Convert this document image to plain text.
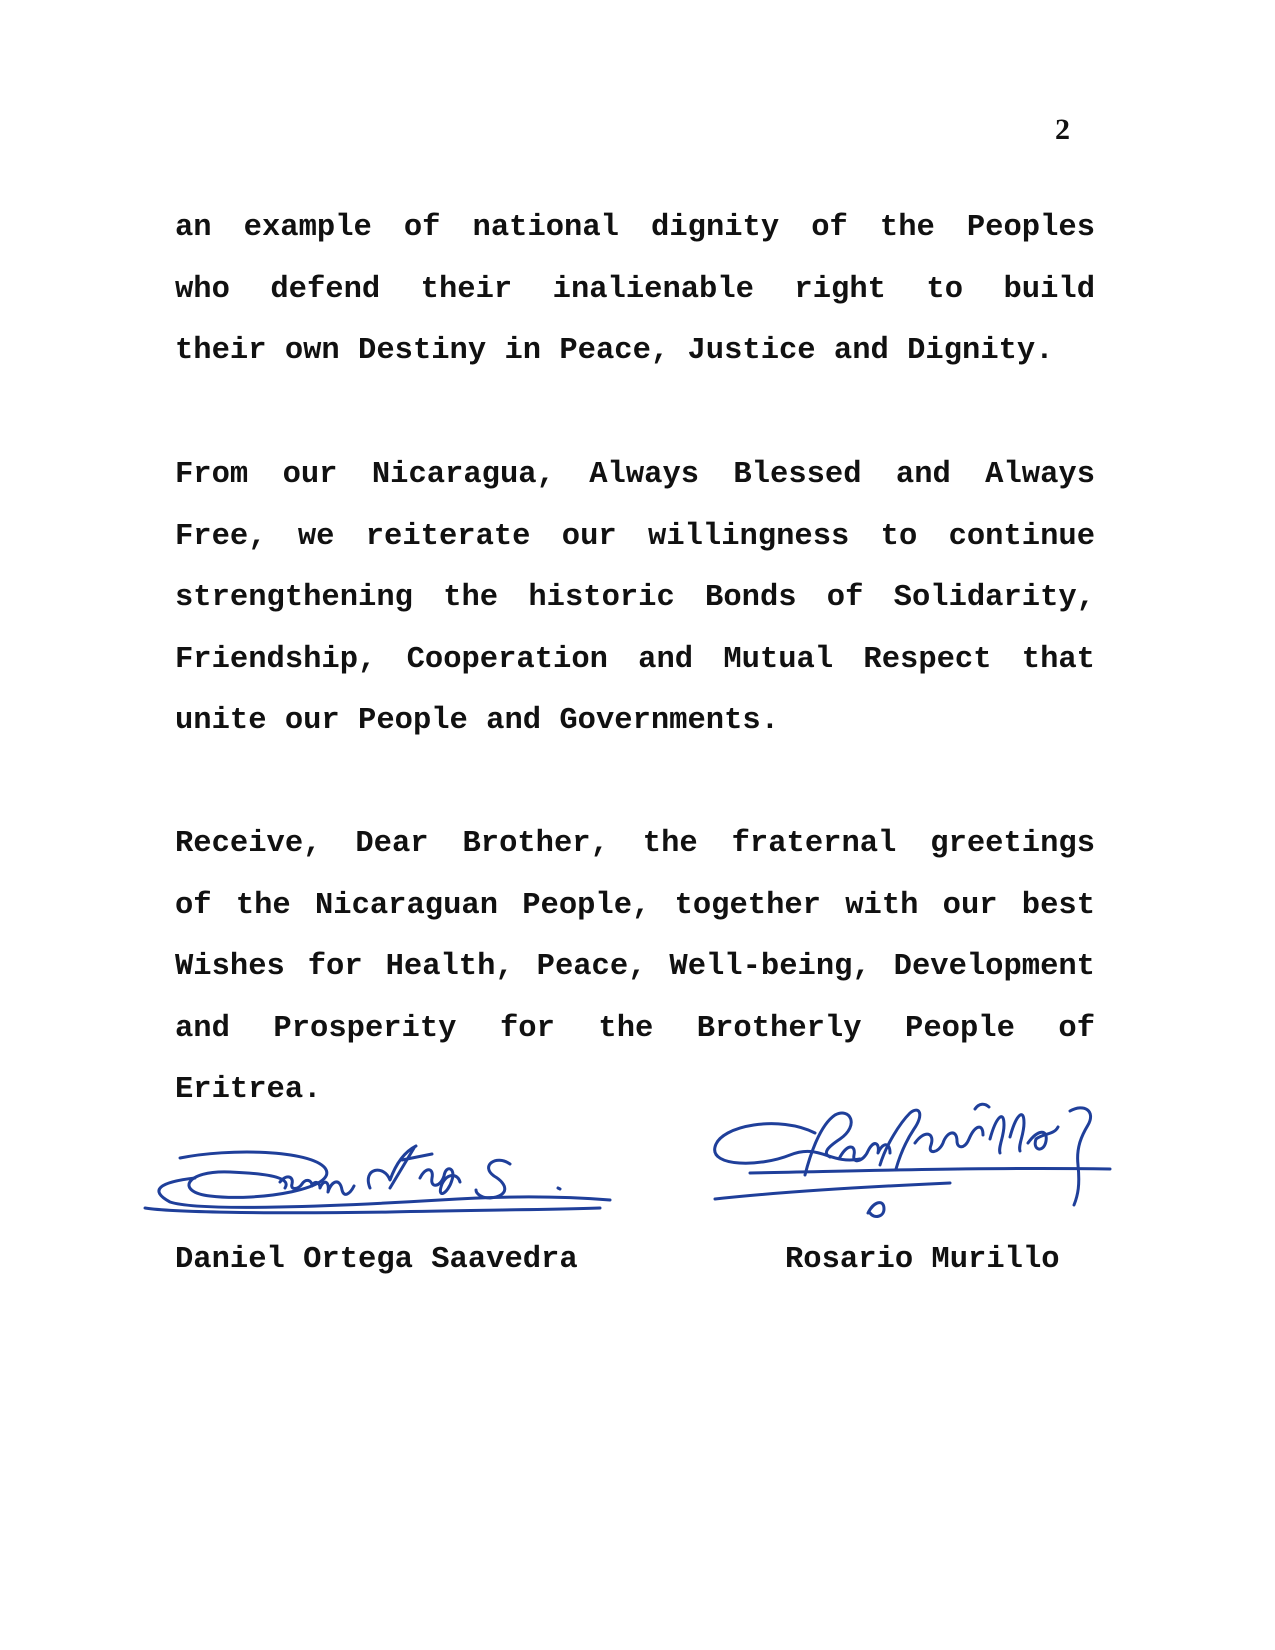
2
an example of national dignity of the Peoples
who defend their inalienable right to build
their own Destiny in Peace, Justice and Dignity.
From our Nicaragua, Always Blessed and Always
Free, we reiterate our willingness to continue
strengthening the historic Bonds of Solidarity,
Friendship, Cooperation and Mutual Respect that
unite our People and Governments.
Receive, Dear Brother, the fraternal greetings
of the Nicaraguan People, together with our best
Wishes for Health, Peace, Well-being, Development
and Prosperity for the Brotherly People of
Eritrea.
Daniel Ortega Saavedra	Rosario Murillo
